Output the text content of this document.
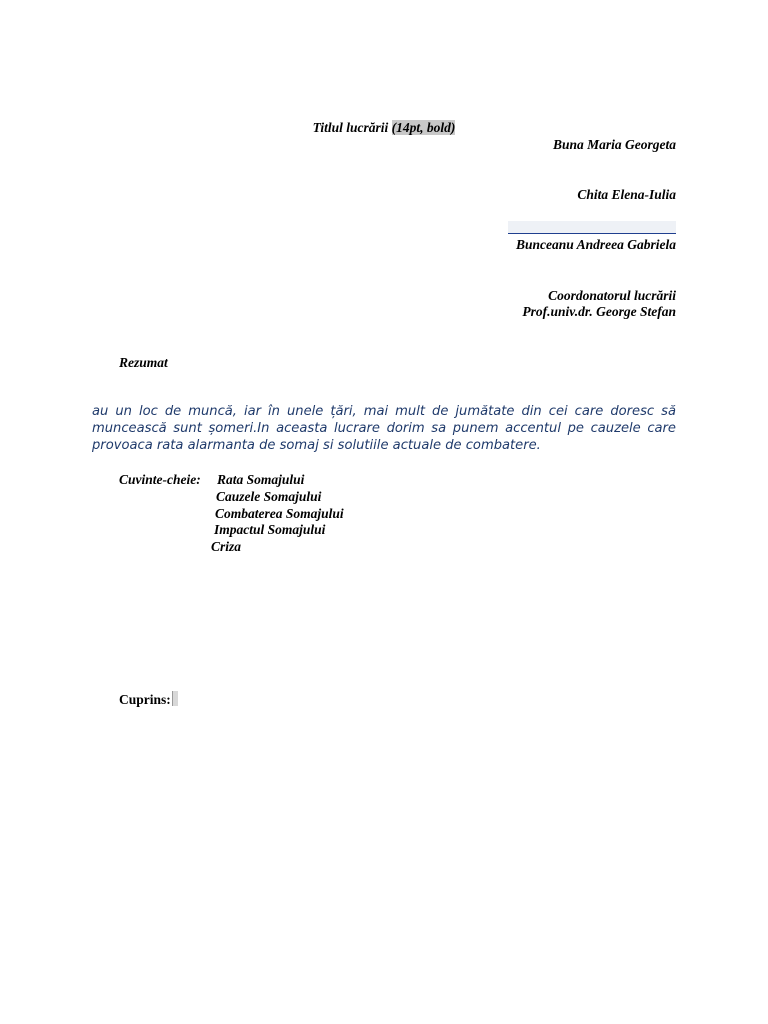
Titlul lucrării (14pt, bold)
Buna Maria Georgeta
Chita Elena-Iulia
Bunceanu Andreea Gabriela
Coordonatorul lucrării
Prof.univ.dr. George Stefan
Rezumat
au un loc de muncă, iar în unele țări, mai mult de jumătate din cei care doresc să muncească sunt șomeri.In aceasta lucrare dorim sa punem accentul pe cauzele care provoaca rata alarmanta de somaj si solutiile actuale de combatere.
Cuvinte-cheie: Rata Somajului
Cauzele Somajului
Combaterea Somajului
Impactul Somajului
Criza
Cuprins:
